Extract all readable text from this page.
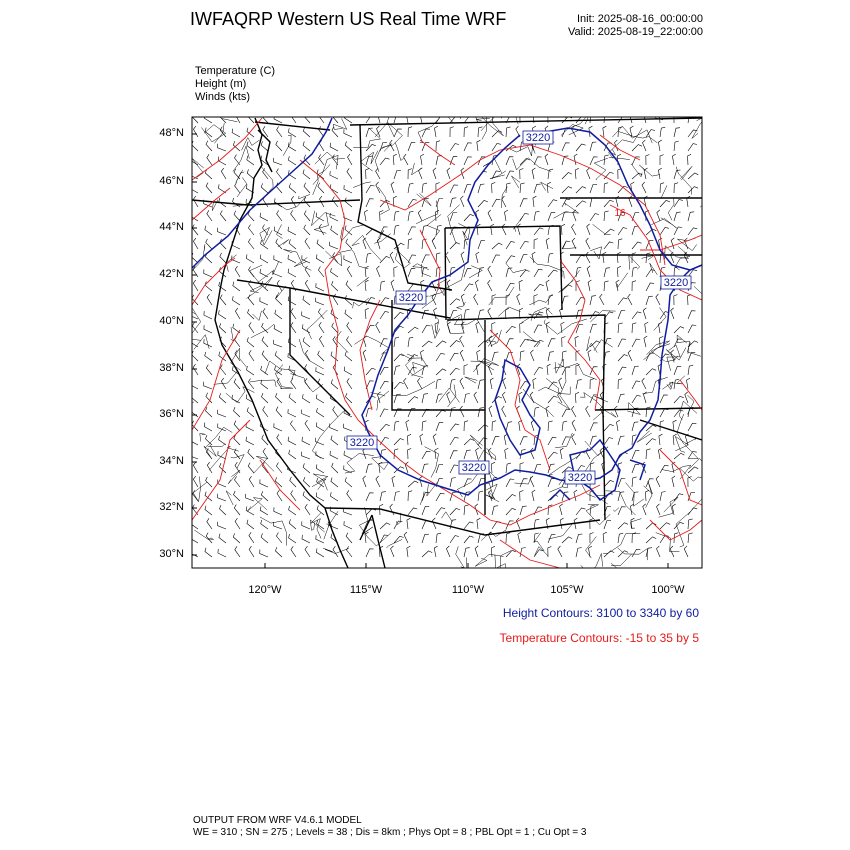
IWFAQRP Western US Real Time WRF	Init: 2025-08-16_00:00:00
Valid: 2025-08-19_22:00:00
Temperature (C)
Height (m)
Winds (kts)
3220
3220
3220
3220
3220
3220
16
48°N
46°N
44°N
42°N
40°N
38°N
36°N
34°N
32°N
30°N
120°W	115°W	110°W	105°W	100°W
Height Contours: 3100 to 3340 by 60
Temperature Contours: -15 to 35 by 5
OUTPUT FROM WRF V4.6.1 MODEL
WE = 310 ; SN = 275 ; Levels = 38 ; Dis = 8km ; Phys Opt = 8 ; PBL Opt = 1 ; Cu Opt = 3
